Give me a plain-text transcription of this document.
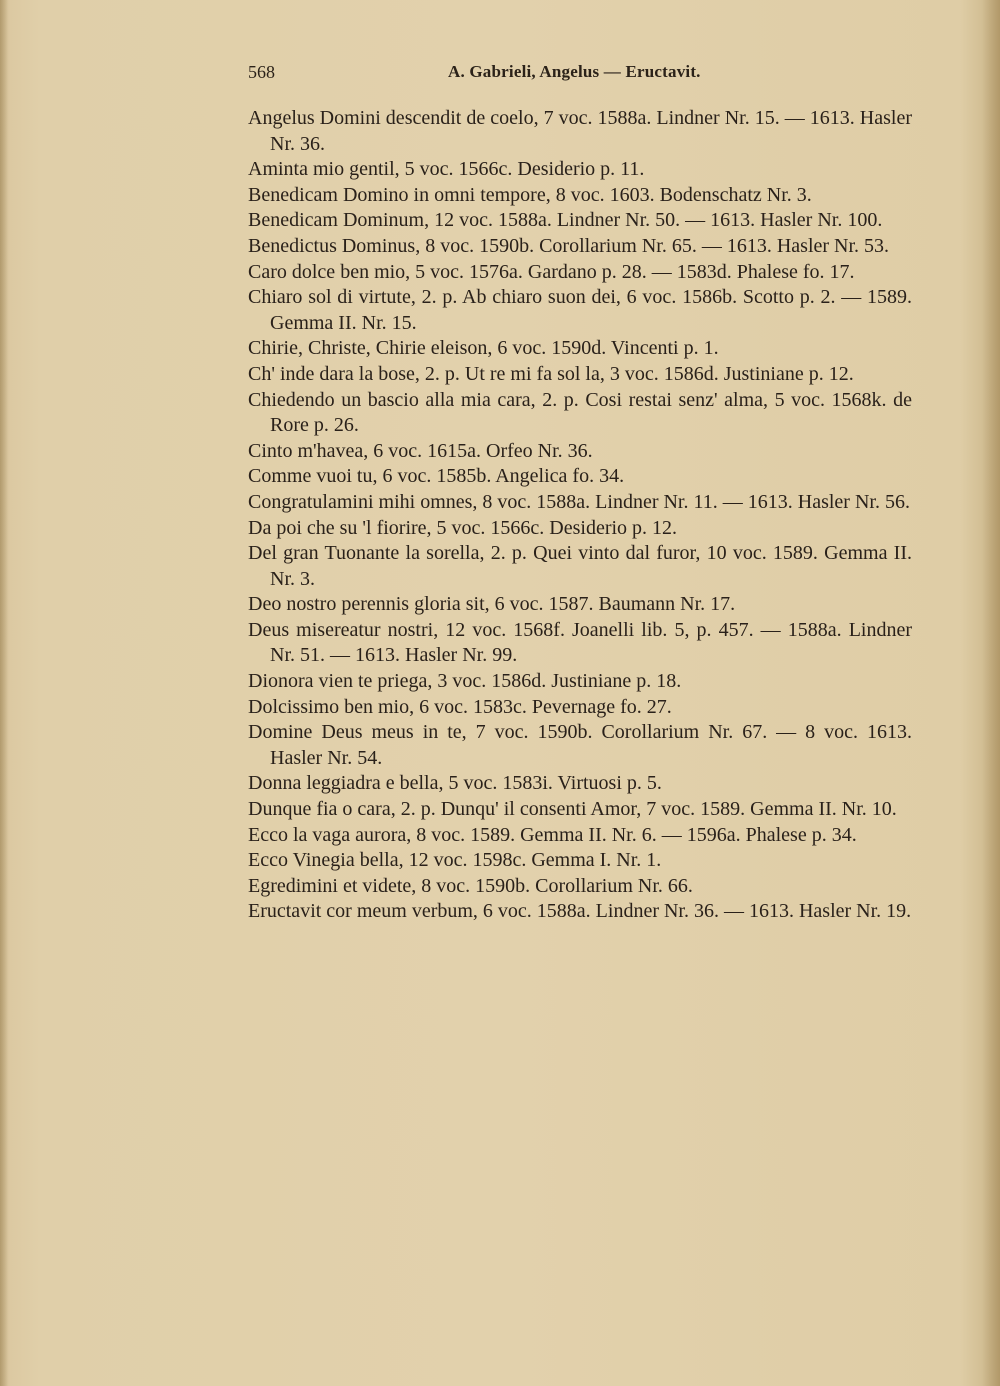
568	A. Gabrieli, Angelus — Eructavit.

Angelus Domini descendit de coelo, 7 voc. 1588a. Lindner Nr. 15. — 1613. Hasler Nr. 36.

Aminta mio gentil, 5 voc. 1566c. Desiderio p. 11.

Benedicam Domino in omni tempore, 8 voc. 1603. Bodenschatz Nr. 3.

Benedicam Dominum, 12 voc. 1588a. Lindner Nr. 50. — 1613. Hasler Nr. 100.

Benedictus Dominus, 8 voc. 1590b. Corollarium Nr. 65. — 1613. Hasler Nr. 53.

Caro dolce ben mio, 5 voc. 1576a. Gardano p. 28. — 1583d. Phalese fo. 17.

Chiaro sol di virtute, 2. p. Ab chiaro suon dei, 6 voc. 1586b. Scotto p. 2. — 1589. Gemma II. Nr. 15.

Chirie, Christe, Chirie eleison, 6 voc. 1590d. Vincenti p. 1.

Ch' inde dara la bose, 2. p. Ut re mi fa sol la, 3 voc. 1586d. Justiniane p. 12.

Chiedendo un bascio alla mia cara, 2. p. Cosi restai senz' alma, 5 voc. 1568k. de Rore p. 26.

Cinto m'havea, 6 voc. 1615a. Orfeo Nr. 36.

Comme vuoi tu, 6 voc. 1585b. Angelica fo. 34.

Congratulamini mihi omnes, 8 voc. 1588a. Lindner Nr. 11. — 1613. Hasler Nr. 56.

Da poi che su 'l fiorire, 5 voc. 1566c. Desiderio p. 12.

Del gran Tuonante la sorella, 2. p. Quei vinto dal furor, 10 voc. 1589. Gemma II. Nr. 3.

Deo nostro perennis gloria sit, 6 voc. 1587. Baumann Nr. 17.

Deus misereatur nostri, 12 voc. 1568f. Joanelli lib. 5, p. 457. — 1588a. Lindner Nr. 51. — 1613. Hasler Nr. 99.

Dionora vien te priega, 3 voc. 1586d. Justiniane p. 18.

Dolcissimo ben mio, 6 voc. 1583c. Pevernage fo. 27.

Domine Deus meus in te, 7 voc. 1590b. Corollarium Nr. 67. — 8 voc. 1613. Hasler Nr. 54.

Donna leggiadra e bella, 5 voc. 1583i. Virtuosi p. 5.

Dunque fia o cara, 2. p. Dunqu' il consenti Amor, 7 voc. 1589. Gemma II. Nr. 10.

Ecco la vaga aurora, 8 voc. 1589. Gemma II. Nr. 6. — 1596a. Phalese p. 34.

Ecco Vinegia bella, 12 voc. 1598c. Gemma I. Nr. 1.

Egredimini et videte, 8 voc. 1590b. Corollarium Nr. 66.

Eructavit cor meum verbum, 6 voc. 1588a. Lindner Nr. 36. — 1613. Hasler Nr. 19.
